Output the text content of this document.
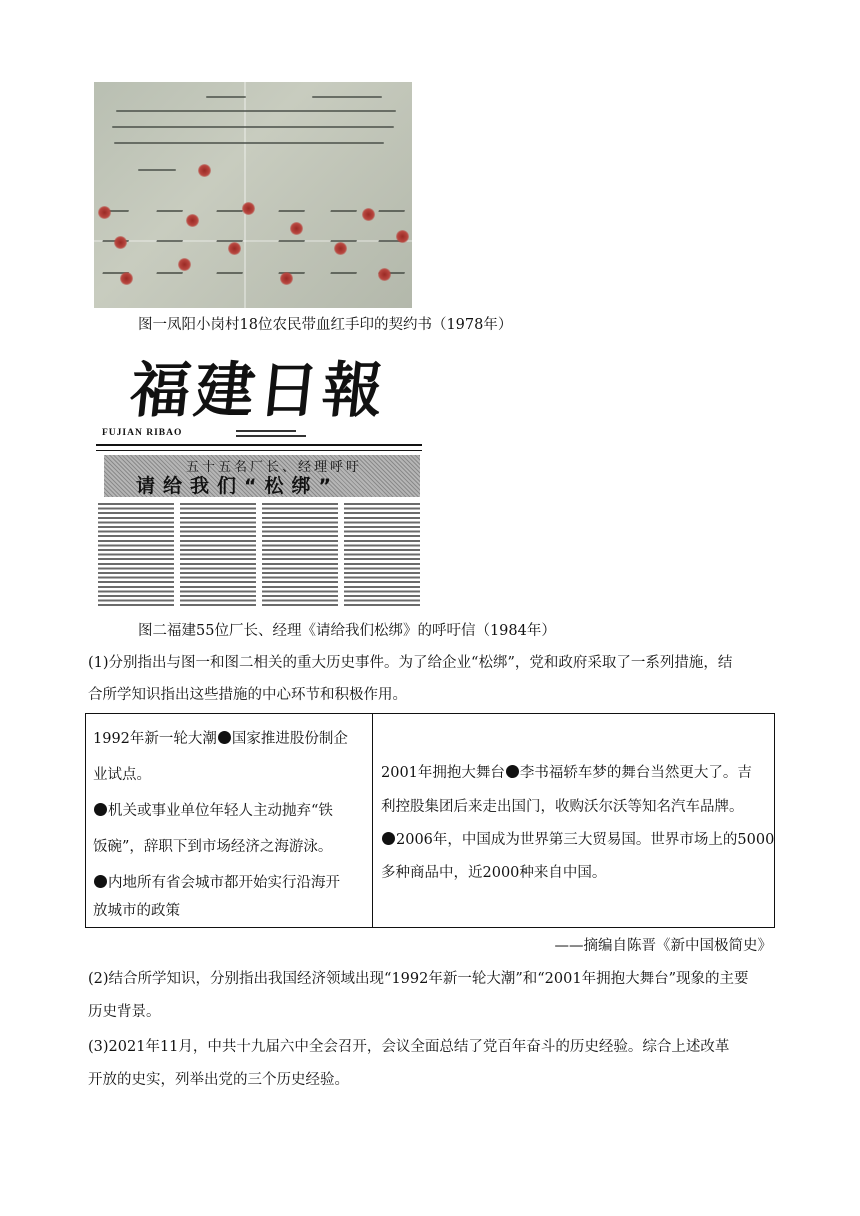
图一凤阳小岗村18位农民带血红手印的契约书（1978年）
福建日報
FUJIAN RIBAO
五十五名厂长、经理呼吁
请给我们“松绑”
图二福建55位厂长、经理《请给我们松绑》的呼吁信（1984年）
(1)分别指出与图一和图二相关的重大历史事件。为了给企业“松绑”，党和政府采取了一系列措施，结
合所学知识指出这些措施的中心环节和积极作用。
1992年新一轮大潮 国家推进股份制企
业试点。
机关或事业单位年轻人主动抛弃“铁
饭碗”，辞职下到市场经济之海游泳。
内地所有省会城市都开始实行沿海开
放城市的政策
2001年拥抱大舞台 李书福轿车梦的舞台当然更大了。吉
利控股集团后来走出国门，收购沃尔沃等知名汽车品牌。
2006年，中国成为世界第三大贸易国。世界市场上的5000
多种商品中，近2000种来自中国。
——摘编自陈晋《新中国极简史》
(2)结合所学知识，分别指出我国经济领域出现“1992年新一轮大潮”和“2001年拥抱大舞台”现象的主要
历史背景。
(3)2021年11月，中共十九届六中全会召开，会议全面总结了党百年奋斗的历史经验。综合上述改革
开放的史实，列举出党的三个历史经验。
